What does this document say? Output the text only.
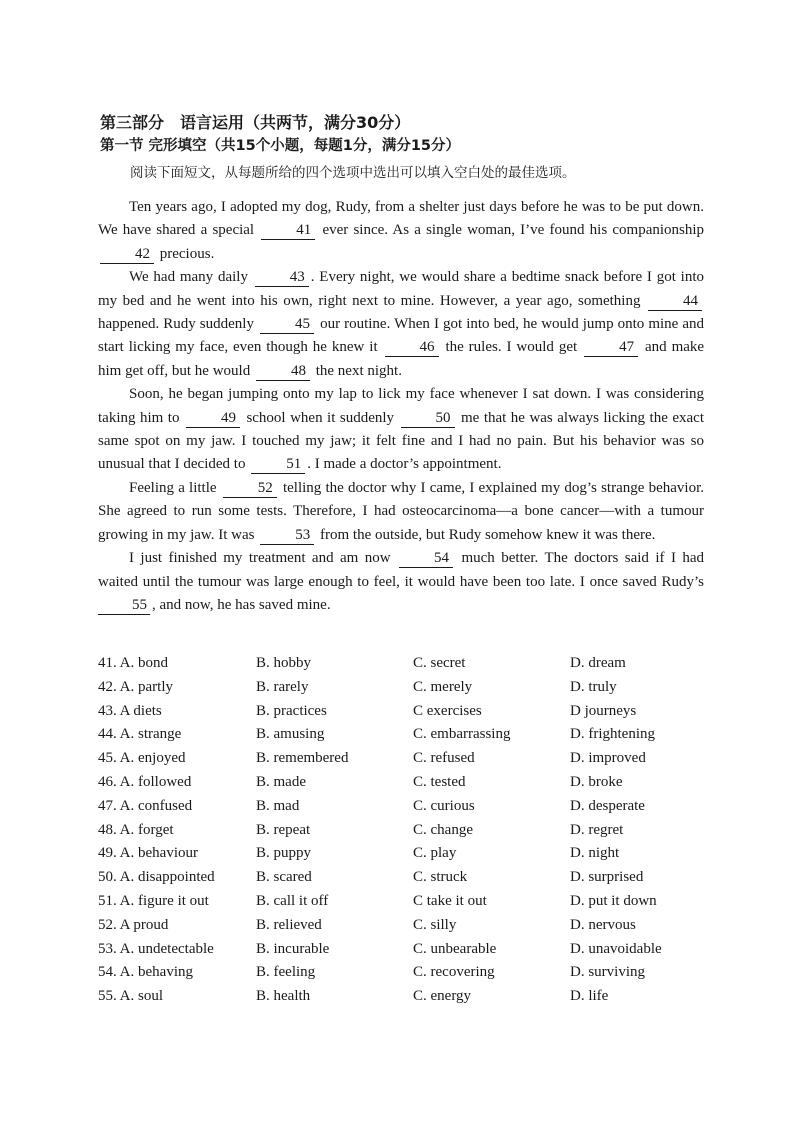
第三部分　语言运用（共两节，满分30分）
第一节 完形填空（共15个小题，每题1分，满分15分）
阅读下面短文，从每题所给的四个选项中选出可以填入空白处的最佳选项。

Ten years ago, I adopted my dog, Rudy, from a shelter just days before he was to be put down. We have shared a special	41 ever since. As a single woman, I’ve found his companionship 42 precious.

We had many daily	43 . Every night, we would share a bedtime snack before I got into my bed and he went into his own, right next to mine. However, a year ago, something	44 happened. Rudy suddenly	45 our routine. When I got into bed, he would jump onto mine and start licking my face, even though he knew it	46 the rules. I would get	47 and make him get off, but he would	48 the next night.

Soon, he began jumping onto my lap to lick my face whenever I sat down. I was considering taking him to	49 school when it suddenly	50 me that he was always licking the exact same spot on my jaw. I touched my jaw; it felt fine and I had no pain. But his behavior was so unusual that I decided to	51 . I made a doctor’s appointment.

Feeling a little	52 telling the doctor why I came, I explained my dog’s strange behavior. She agreed to run some tests. Therefore, I had osteocarcinoma—a bone cancer—with a tumour growing in my jaw. It was	53 from the outside, but Rudy somehow knew it was there.

I just finished my treatment and am now	54 much better. The doctors said if I had waited until the tumour was large enough to feel, it would have been too late. I once saved Rudy’s 55 , and now, he has saved mine.

41. A. bond	B. hobby	C. secret	D. dream
42. A. partly	B. rarely	C. merely	D. truly
43. A diets	B. practices	C exercises	D journeys
44. A. strange	B. amusing	C. embarrassing	D. frightening
45. A. enjoyed	B. remembered	C. refused	D. improved
46. A. followed	B. made	C. tested	D. broke
47. A. confused	B. mad	C. curious	D. desperate
48. A. forget	B. repeat	C. change	D. regret
49. A. behaviour	B. puppy	C. play	D. night
50. A. disappointed	B. scared	C. struck	D. surprised
51. A. figure it out	B. call it off	C take it out	D. put it down
52. A proud	B. relieved	C. silly	D. nervous
53. A. undetectable	B. incurable	C. unbearable	D. unavoidable
54. A. behaving	B. feeling	C. recovering	D. surviving
55. A. soul	B. health	C. energy	D. life
